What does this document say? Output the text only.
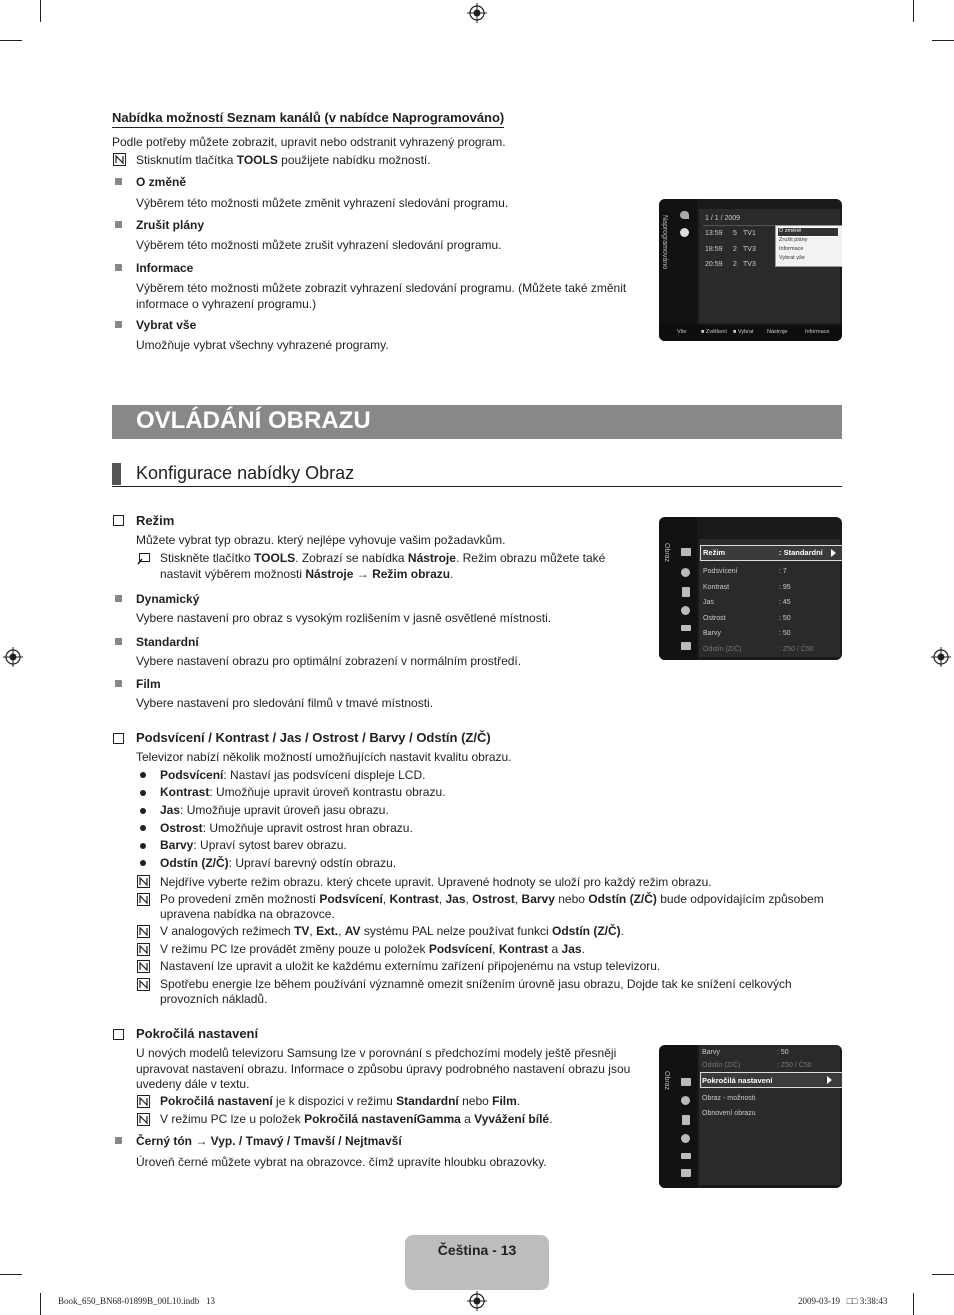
Nabídka možností Seznam kanálů (v nabídce Naprogramováno)
Podle potřeby můžete zobrazit, upravit nebo odstranit vyhrazený program.
Stisknutím tlačítka TOOLS použijete nabídku možností.
O změně
Výběrem této možnosti můžete změnit vyhrazení sledování programu.
Zrušit plány
Výběrem této možnosti můžete zrušit vyhrazení sledování programu.
Informace
Výběrem této možnosti můžete zobrazit vyhrazení sledování programu. (Můžete také změnit
informace o vyhrazení programu.)
Vybrat vše
Umožňuje vybrat všechny vyhrazené programy.
Naprogramováno	1 / 1 / 2009
13:59 5 TV1
18:59 2 TV3
20:59 2 TV3
O změně
Zrušit plány
Informace
Vybrat vše
Vše	■ Zvětšení ■ Vybrat Nástroje	Informace
OVLÁDÁNÍ OBRAZU
Konfigurace nabídky Obraz
Režim
Můžete vybrat typ obrazu. který nejlépe vyhovuje vašim požadavkům.
Stiskněte tlačítko TOOLS. Zobrazí se nabídka Nástroje. Režim obrazu můžete také
nastavit výběrem možnosti Nástroje → Režim obrazu.
Dynamický
Vybere nastavení pro obraz s vysokým rozlišením v jasně osvětlené místnosti.
Standardní
Vybere nastavení obrazu pro optimální zobrazení v normálním prostředí.
Film
Vybere nastavení pro sledování filmů v tmavé místnosti.
Obraz	Režim	: Standardní
Podsvícení	: 7
Kontrast	: 95
Jas	: 45
Ostrost	: 50
Barvy	: 50
Odstín (Z/Č)	: Z50 / Č50
Podsvícení / Kontrast / Jas / Ostrost / Barvy / Odstín (Z/Č)
Televizor nabízí několik možností umožňujících nastavit kvalitu obrazu.
Podsvícení: Nastaví jas podsvícení displeje LCD.
Kontrast: Umožňuje upravit úroveň kontrastu obrazu.
Jas: Umožňuje upravit úroveň jasu obrazu.
Ostrost: Umožňuje upravit ostrost hran obrazu.
Barvy: Upraví sytost barev obrazu.
Odstín (Z/Č): Upraví barevný odstín obrazu.
Nejdříve vyberte režim obrazu. který chcete upravit. Upravené hodnoty se uloží pro každý režim obrazu.
Po provedení změn možností Podsvícení, Kontrast, Jas, Ostrost, Barvy nebo Odstín (Z/Č) bude odpovídajícím způsobem
upravena nabídka na obrazovce.
V analogových režimech TV, Ext., AV systému PAL nelze používat funkci Odstín (Z/Č).
V režimu PC lze provádět změny pouze u položek Podsvícení, Kontrast a Jas.
Nastavení lze upravit a uložit ke každému externímu zařízení připojenému na vstup televizoru.
Spotřebu energie lze během používání významně omezit snížením úrovně jasu obrazu, Dojde tak ke snížení celkových
provozních nákladů.
Pokročilá nastavení
U nových modelů televizoru Samsung lze v porovnání s předchozími modely ještě přesněji
upravovat nastavení obrazu. Informace o způsobu úpravy podrobného nastavení obrazu jsou
uvedeny dále v textu.
Pokročilá nastavení je k dispozici v režimu Standardní nebo Film.
V režimu PC lze u položek Pokročilá nastaveníGamma a Vyvážení bílé.
Černý tón → Vyp. / Tmavý / Tmavší / Nejtmavší
Úroveň černé můžete vybrat na obrazovce. čímž upravíte hloubku obrazovky.
Obraz
Barvy	: 50
Odstín (Z/Č)	: Z50 / Č50
Pokročilá nastavení
Obraz - možnosti
Obnovení obrazu
Čeština - 13
Book_650_BN68-01899B_00L10.indb   13	2009-03-19   □□ 3:38:43
